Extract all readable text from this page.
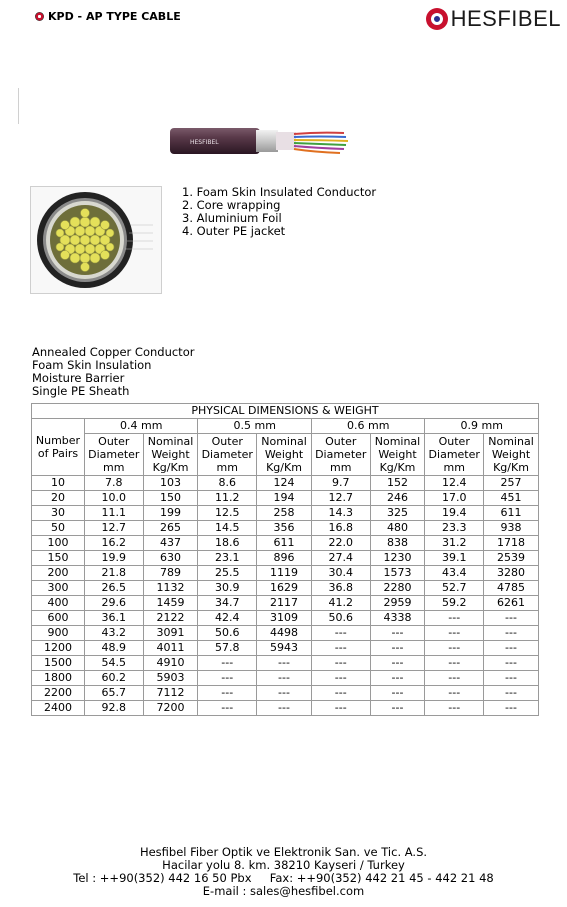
KPD - AP TYPE CABLE	HESFIBEL
HESFIBEL
1. Foam Skin Insulated Conductor
2. Core wrapping
3. Aluminium Foil
4. Outer PE jacket
Annealed Copper Conductor
Foam Skin Insulation
Moisture Barrier
Single PE Sheath
PHYSICAL DIMENSIONS & WEIGHT								
Number of Pairs	0.4 mm		0.5 mm		0.6 mm		0.9 mm	
	Outer Diameter mm	Nominal Weight Kg/Km	Outer Diameter mm	Nominal Weight Kg/Km	Outer Diameter mm	Nominal Weight Kg/Km	Outer Diameter mm	Nominal Weight Kg/Km
10	7.8	103	8.6	124	9.7	152	12.4	257
20	10.0	150	11.2	194	12.7	246	17.0	451
30	11.1	199	12.5	258	14.3	325	19.4	611
50	12.7	265	14.5	356	16.8	480	23.3	938
100	16.2	437	18.6	611	22.0	838	31.2	1718
150	19.9	630	23.1	896	27.4	1230	39.1	2539
200	21.8	789	25.5	1119	30.4	1573	43.4	3280
300	26.5	1132	30.9	1629	36.8	2280	52.7	4785
400	29.6	1459	34.7	2117	41.2	2959	59.2	6261
600	36.1	2122	42.4	3109	50.6	4338	---	---
900	43.2	3091	50.6	4498	---	---	---	---
1200	48.9	4011	57.8	5943	---	---	---	---
1500	54.5	4910	---	---	---	---	---	---
1800	60.2	5903	---	---	---	---	---	---
2200	65.7	7112	---	---	---	---	---	---
2400	92.8	7200	---	---	---	---	---	---
Hesfibel Fiber Optik ve Elektronik San. ve Tic. A.S.
Hacilar yolu 8. km. 38210 Kayseri / Turkey
Tel : ++90(352) 442 16 50 Pbx     Fax: ++90(352) 442 21 45 - 442 21 48
E-mail : sales@hesfibel.com
